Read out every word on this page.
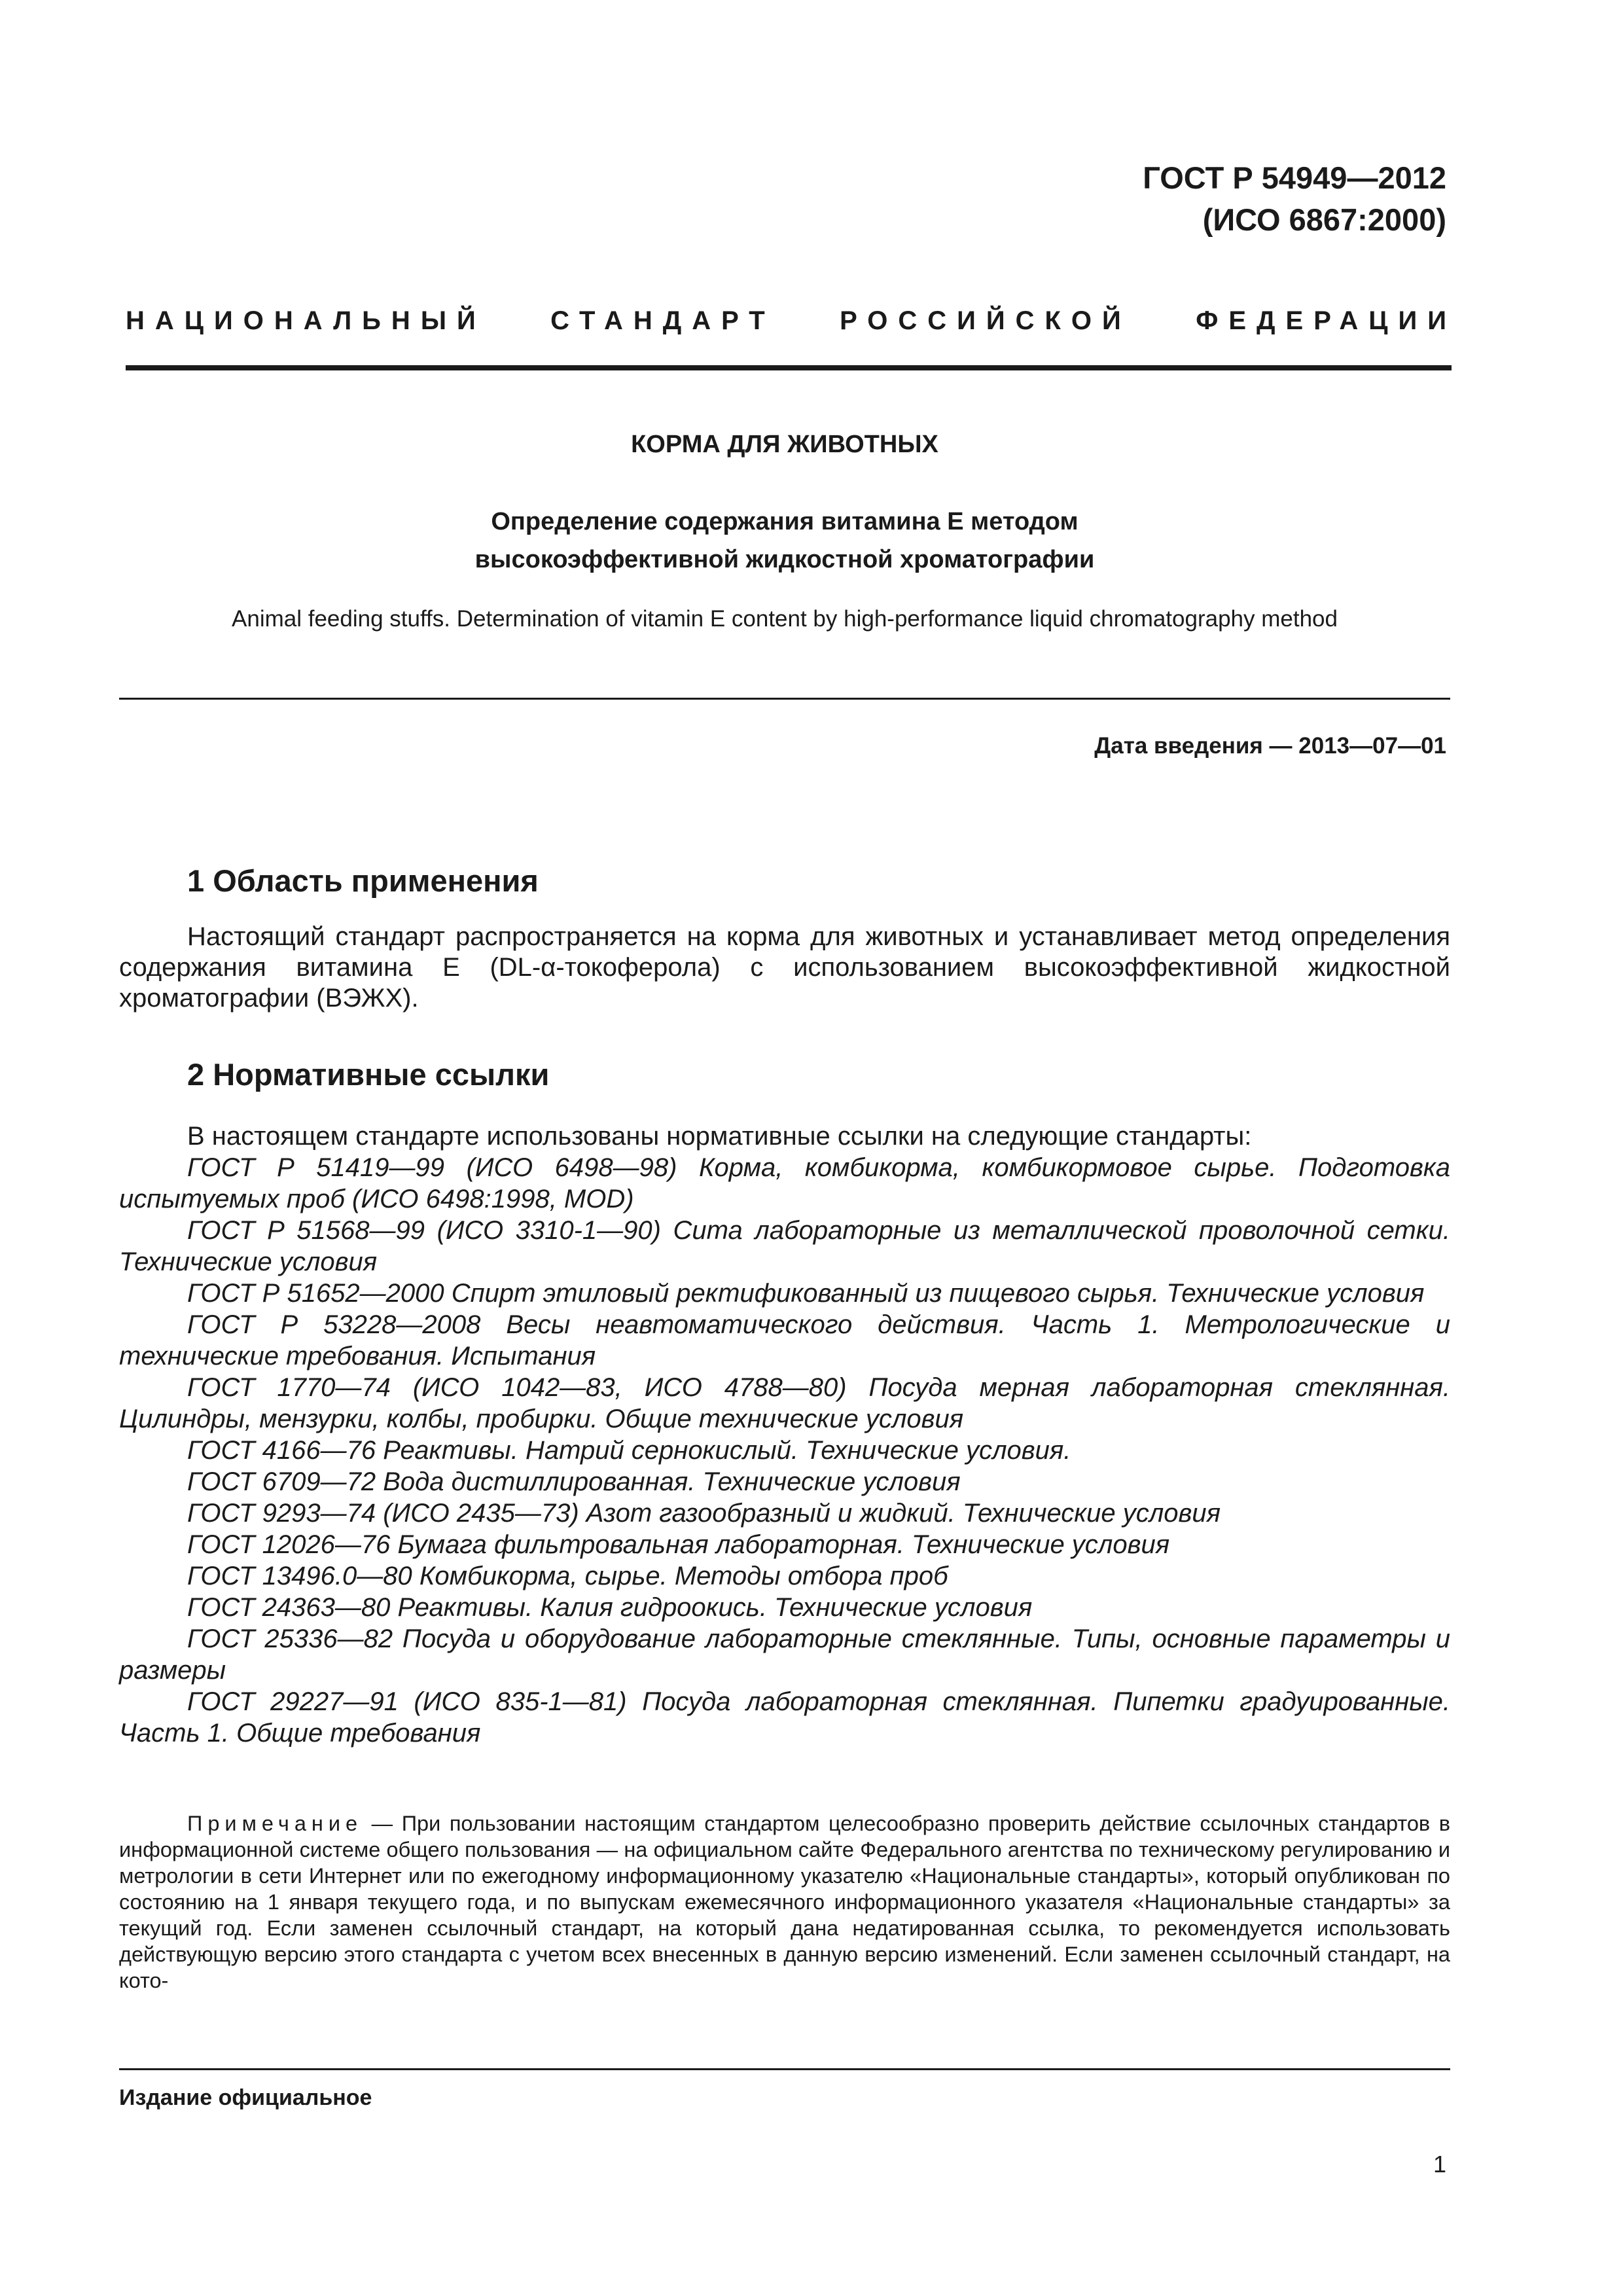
ГОСТ Р 54949—2012
(ИСО 6867:2000)
НАЦИОНАЛЬНЫЙ СТАНДАРТ РОССИЙСКОЙ ФЕДЕРАЦИИ
КОРМА ДЛЯ ЖИВОТНЫХ
Определение содержания витамина Е методом
высокоэффективной жидкостной хроматографии
Animal feeding stuffs. Determination of vitamin E content by high-performance liquid chromatography method
Дата введения — 2013—07—01
1 Область применения
Настоящий стандарт распространяется на корма для животных и устанавливает метод определения содержания витамина Е (DL-α-токоферола) с использованием высокоэффективной жидкостной хроматографии (ВЭЖХ).
2 Нормативные ссылки
В настоящем стандарте использованы нормативные ссылки на следующие стандарты:
ГОСТ Р 51419—99 (ИСО 6498—98) Корма, комбикорма, комбикормовое сырье. Подготовка испытуемых проб (ИСО 6498:1998, MOD)
ГОСТ Р 51568—99 (ИСО 3310-1—90) Сита лабораторные из металлической проволочной сетки. Технические условия
ГОСТ Р 51652—2000 Спирт этиловый ректификованный из пищевого сырья. Технические условия
ГОСТ Р 53228—2008 Весы неавтоматического действия. Часть 1. Метрологические и технические требования. Испытания
ГОСТ 1770—74 (ИСО 1042—83, ИСО 4788—80) Посуда мерная лабораторная стеклянная. Цилиндры, мензурки, колбы, пробирки. Общие технические условия
ГОСТ 4166—76 Реактивы. Натрий сернокислый. Технические условия.
ГОСТ 6709—72 Вода дистиллированная. Технические условия
ГОСТ 9293—74 (ИСО 2435—73) Азот газообразный и жидкий. Технические условия
ГОСТ 12026—76 Бумага фильтровальная лабораторная. Технические условия
ГОСТ 13496.0—80 Комбикорма, сырье. Методы отбора проб
ГОСТ 24363—80 Реактивы. Калия гидроокись. Технические условия
ГОСТ 25336—82 Посуда и оборудование лабораторные стеклянные. Типы, основные параметры и размеры
ГОСТ 29227—91 (ИСО 835-1—81) Посуда лабораторная стеклянная. Пипетки градуированные. Часть 1. Общие требования
Примечание — При пользовании настоящим стандартом целесообразно проверить действие ссылочных стандартов в информационной системе общего пользования — на официальном сайте Федерального агентства по техническому регулированию и метрологии в сети Интернет или по ежегодному информационному указателю «Национальные стандарты», который опубликован по состоянию на 1 января текущего года, и по выпускам ежемесячного информационного указателя «Национальные стандарты» за текущий год. Если заменен ссылочный стандарт, на который дана недатированная ссылка, то рекомендуется использовать действующую версию этого стандарта с учетом всех внесенных в данную версию изменений. Если заменен ссылочный стандарт, на кото-
Издание официальное
1
